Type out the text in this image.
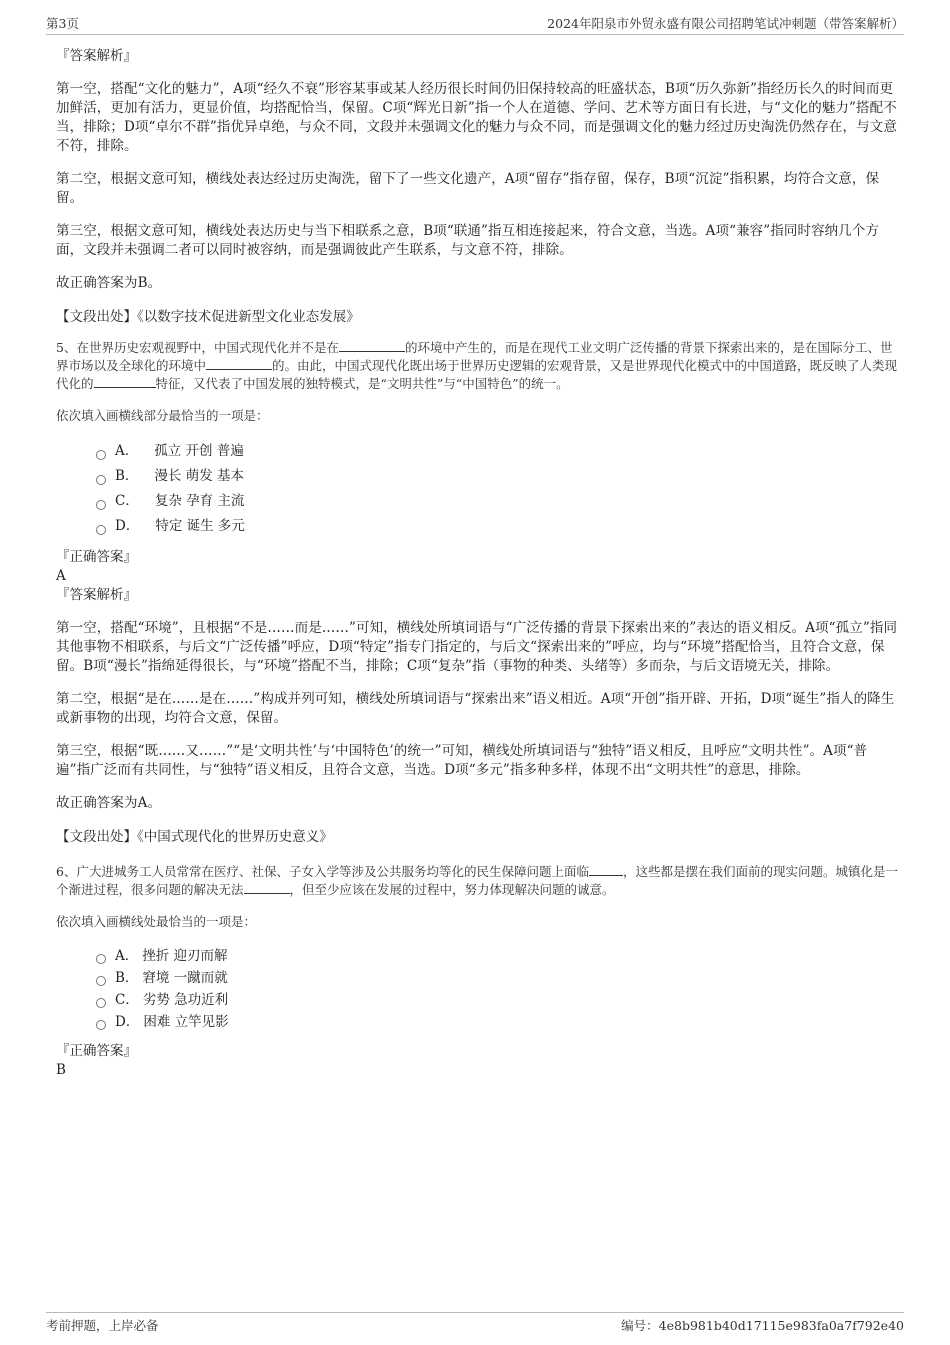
第3页	2024年阳泉市外贸永盛有限公司招聘笔试冲刺题（带答案解析）

『答案解析』

第一空，搭配“文化的魅力”，A项“经久不衰”形容某事或某人经历很长时间仍旧保持较高的旺盛状态，B项“历久弥新”指经历长久的时间而更加鲜活，更加有活力，更显价值，均搭配恰当，保留。C项“辉光日新”指一个人在道德、学问、艺术等方面日有长进，与“文化的魅力”搭配不当，排除；D项“卓尔不群”指优异卓绝，与众不同，文段并未强调文化的魅力与众不同，而是强调文化的魅力经过历史淘洗仍然存在，与文意不符，排除。

第二空，根据文意可知，横线处表达经过历史淘洗，留下了一些文化遗产，A项“留存”指存留，保存，B项“沉淀”指积累，均符合文意，保留。

第三空，根据文意可知，横线处表达历史与当下相联系之意，B项“联通”指互相连接起来，符合文意，当选。A项“兼容”指同时容纳几个方面，文段并未强调二者可以同时被容纳，而是强调彼此产生联系，与文意不符，排除。

故正确答案为B。

【文段出处】《以数字技术促进新型文化业态发展》

5、在世界历史宏观视野中，中国式现代化并不是在	的环境中产生的，而是在现代工业文明广泛传播的背景下探索出来的，是在国际分工、世界市场以及全球化的环境中	的。由此，中国式现代化既出场于世界历史逻辑的宏观背景，又是世界现代化模式中的中国道路，既反映了人类现代化的	特征，又代表了中国发展的独特模式，是“文明共性”与“中国特色”的统一。

依次填入画横线部分最恰当的一项是：

A． 孤立 开创 普遍
B． 漫长 萌发 基本
C． 复杂 孕育 主流
D． 特定 诞生 多元

『正确答案』

A

『答案解析』

第一空，搭配“环境”，且根据“不是……而是……”可知，横线处所填词语与“广泛传播的背景下探索出来的”表达的语义相反。A项“孤立”指同其他事物不相联系，与后文“广泛传播”呼应，D项“特定”指专门指定的，与后文“探索出来的”呼应，均与“环境”搭配恰当，且符合文意，保留。B项“漫长”指绵延得很长，与“环境”搭配不当，排除；C项“复杂”指（事物的种类、头绪等）多而杂，与后文语境无关，排除。

第二空，根据“是在……是在……”构成并列可知，横线处所填词语与“探索出来”语义相近。A项“开创”指开辟、开拓，D项“诞生”指人的降生或新事物的出现，均符合文意，保留。

第三空，根据“既……又……”“是‘文明共性’与‘中国特色’的统一”可知，横线处所填词语与“独特”语义相反，且呼应“文明共性”。A项“普遍”指广泛而有共同性，与“独特”语义相反，且符合文意，当选。D项“多元”指多种多样，体现不出“文明共性”的意思，排除。

故正确答案为A。

【文段出处】《中国式现代化的世界历史意义》

6、广大进城务工人员常常在医疗、社保、子女入学等涉及公共服务均等化的民生保障问题上面临	，这些都是摆在我们面前的现实问题。城镇化是一个渐进过程，很多问题的解决无法	，但至少应该在发展的过程中，努力体现解决问题的诚意。

依次填入画横线处最恰当的一项是：

A． 挫折 迎刃而解
B． 窘境 一蹴而就
C． 劣势 急功近利
D． 困难 立竿见影

『正确答案』

B

考前押题，上岸必备	编号：4e8b981b40d17115e983fa0a7f792e40
